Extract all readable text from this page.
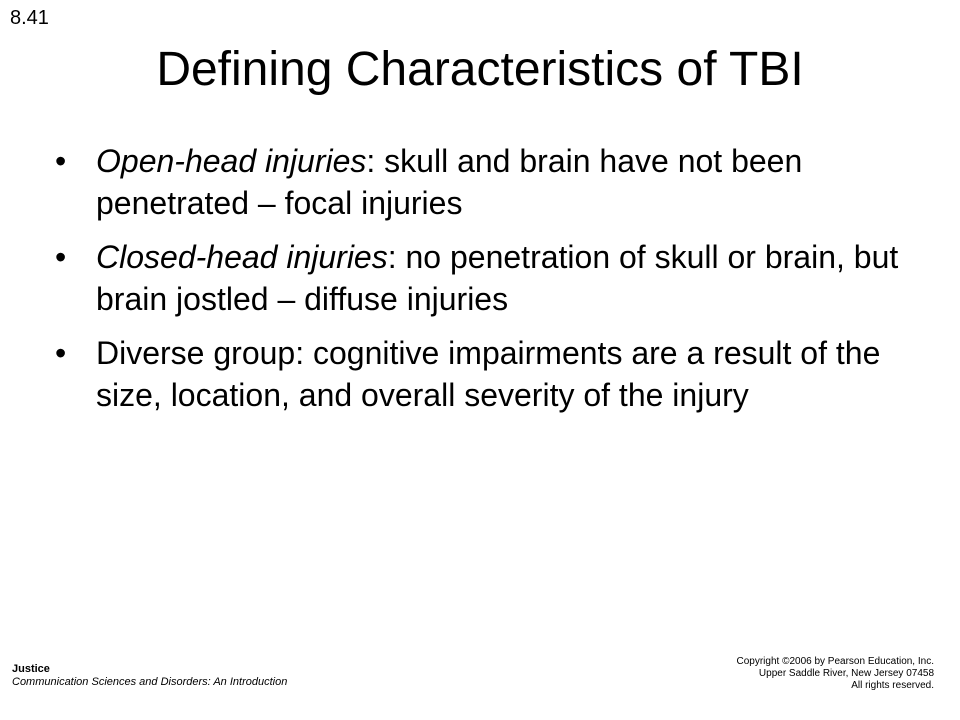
8.41
Defining Characteristics of TBI
• Open-head injuries: skull and brain have not been penetrated – focal injuries
• Closed-head injuries: no penetration of skull or brain, but brain jostled – diffuse injuries
• Diverse group: cognitive impairments are a result of the size, location, and overall severity of the injury
Justice
Communication Sciences and Disorders: An Introduction
Copyright ©2006 by Pearson Education, Inc.
Upper Saddle River, New Jersey 07458
All rights reserved.
